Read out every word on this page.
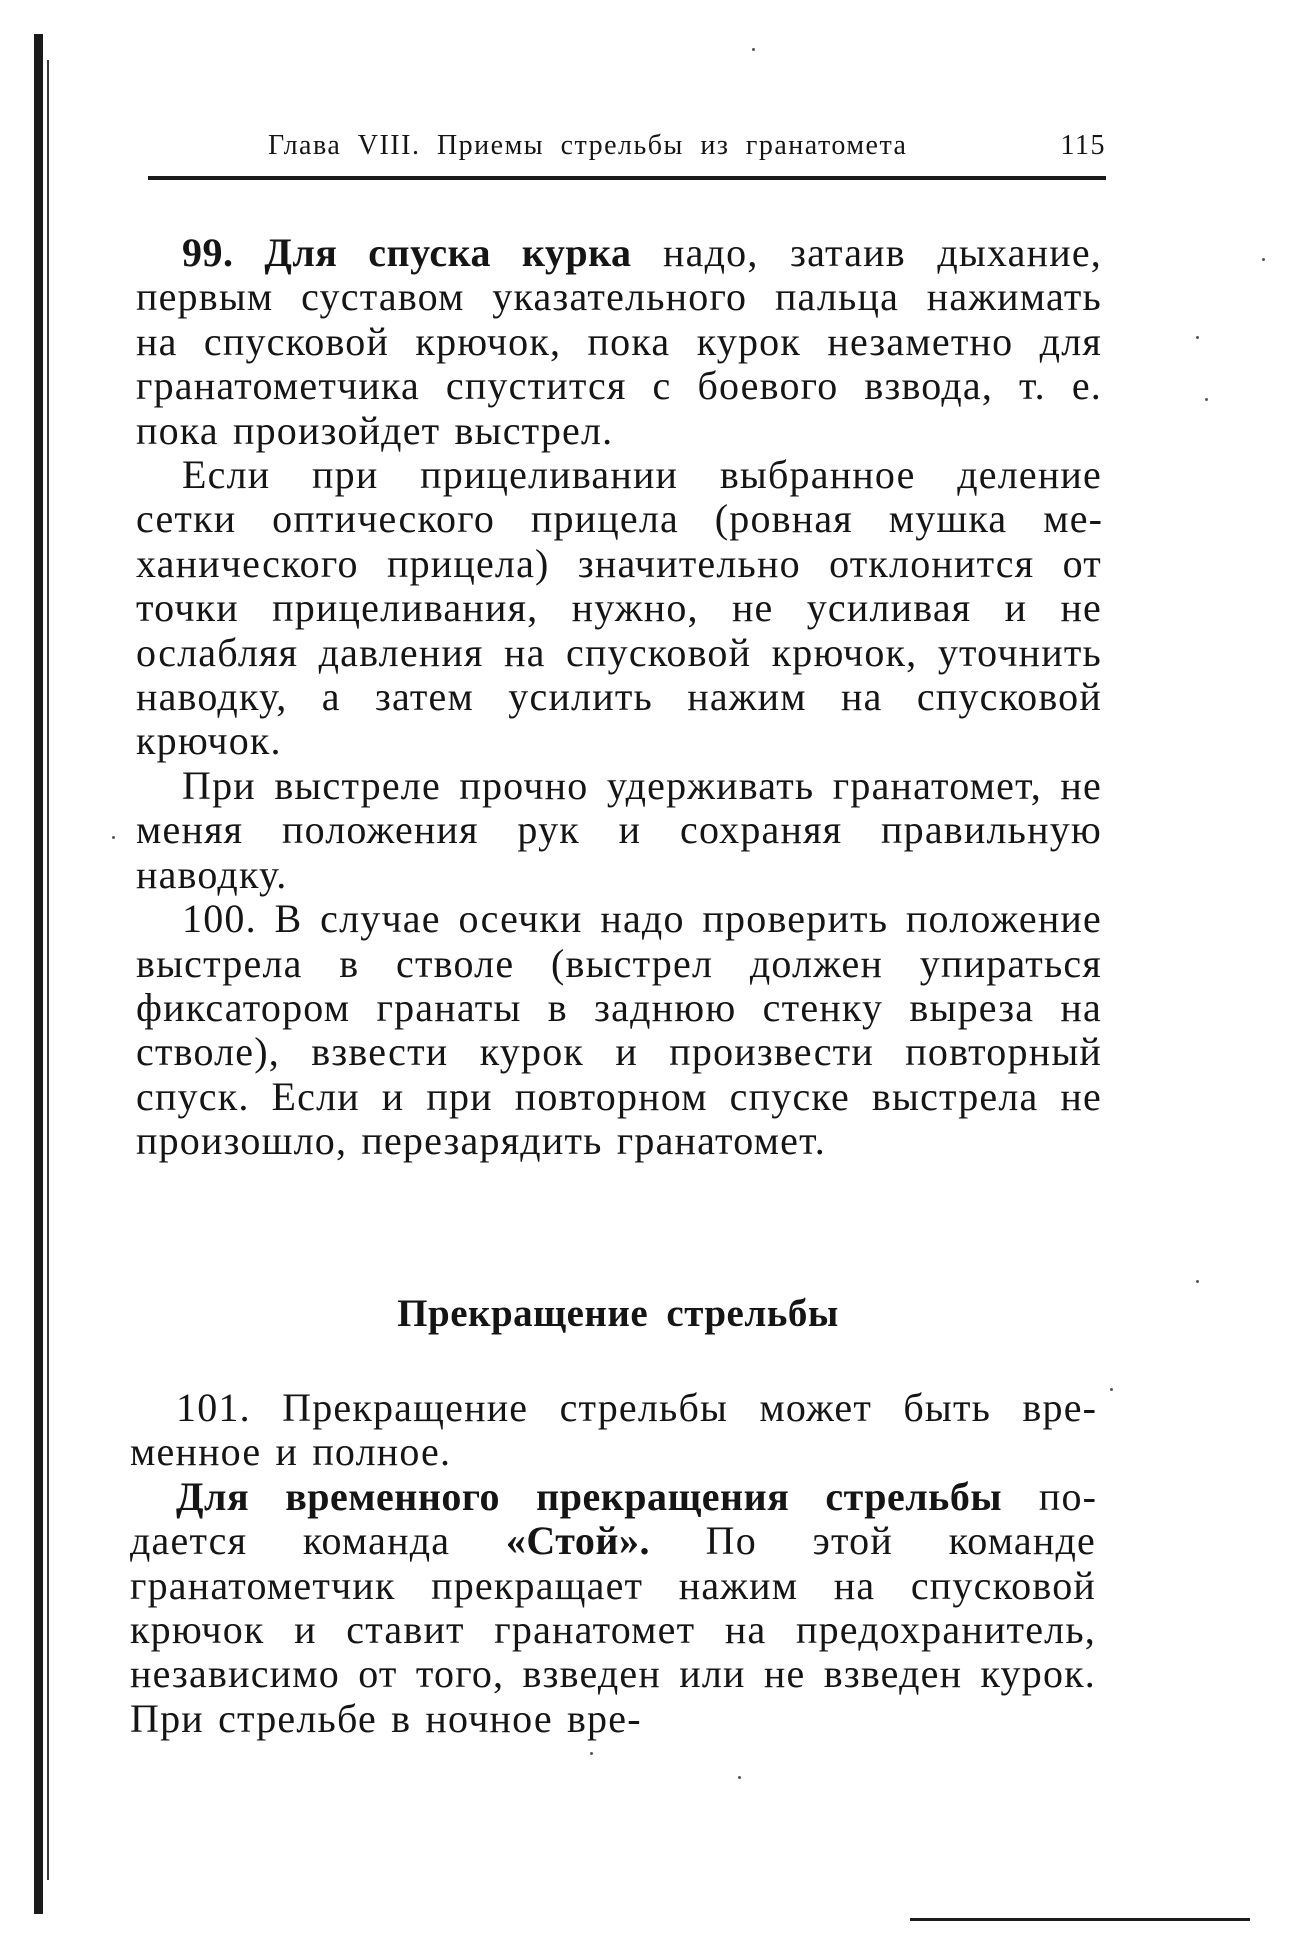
Глава VIII. Приемы стрельбы из гранатомета	115

99. Для спуска курка надо, затаив дыхание, первым суставом указательного пальца нажимать на спусковой крючок, пока курок незаметно для гранатометчика спустится с боевого взвода, т. е. пока произойдет выстрел.

Если при прицеливании выбранное деление сетки оптического прицела (ровная мушка механического прицела) значительно отклонится от точки прицеливания, нужно, не усиливая и не ослабляя давления на спусковой крючок, уточнить наводку, а затем усилить нажим на спусковой крючок.

При выстреле прочно удерживать гранатомет, не меняя положения рук и сохраняя правильную наводку.

100. В случае осечки надо проверить положение выстрела в стволе (выстрел должен упираться фиксатором гранаты в заднюю стенку выреза на стволе), взвести курок и произвести повторный спуск. Если и при повторном спуске выстрела не произошло, перезарядить гранатомет.

Прекращение стрельбы

101. Прекращение стрельбы может быть временное и полное.

Для временного прекращения стрельбы подается команда «Стой». По этой команде гранатометчик прекращает нажим на спусковой крючок и ставит гранатомет на предохранитель, независимо от того, взведен или не взведен курок. При стрельбе в ночное вре-
